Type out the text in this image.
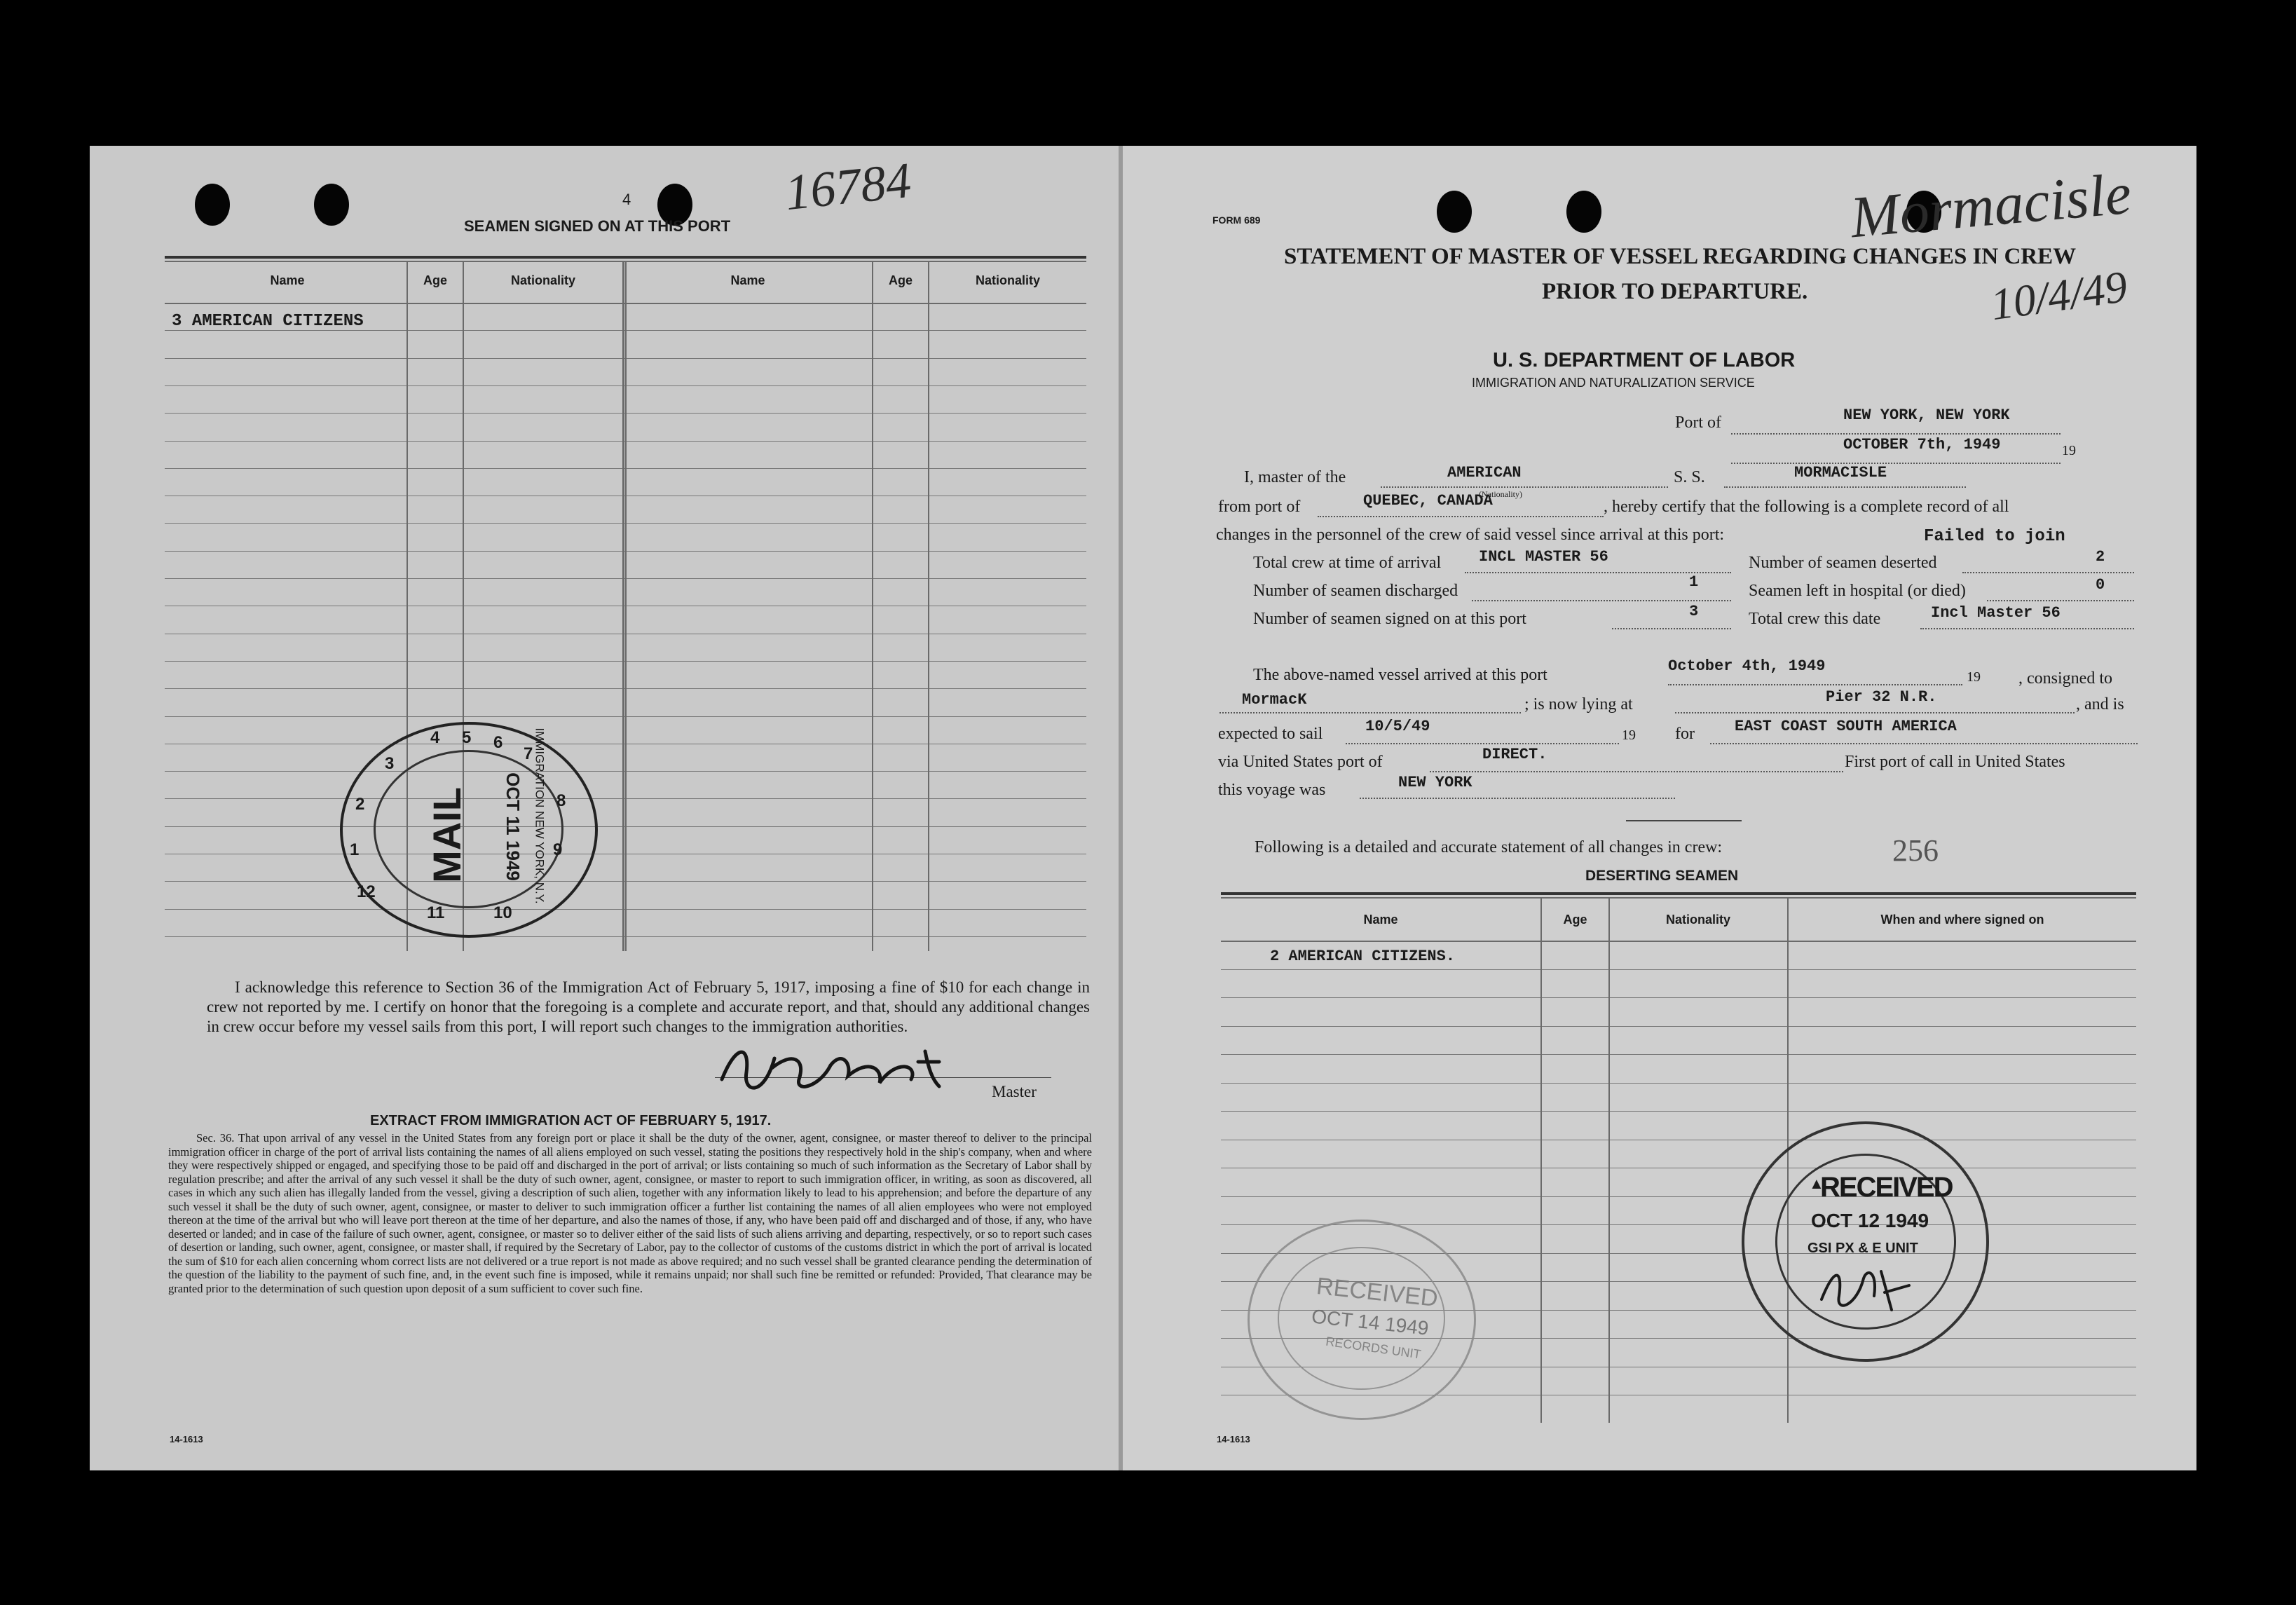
4	16784
SEAMEN SIGNED ON AT THIS PORT
Name	Age	Nationality	Name	Age	Nationality
3 AMERICAN CITIZENS
MAIL OCT 11 1949 IMMIGRATION NEW YORK, N.Y.
4 5 6
7
8
9
10
11
12
1
2
3
I acknowledge this reference to Section 36 of the Immigration Act of February 5, 1917, imposing a fine of $10 for each change in crew not reported by me. I certify on honor that the foregoing is a complete and accurate report, and that, should any additional changes in crew occur before my vessel sails from this port, I will report such changes to the immigration authorities.
Master
EXTRACT FROM IMMIGRATION ACT OF FEBRUARY 5, 1917.
Sec. 36. That upon arrival of any vessel in the United States from any foreign port or place it shall be the duty of the owner, agent, consignee, or master thereof to deliver to the principal immigration officer in charge of the port of arrival lists containing the names of all aliens employed on such vessel, stating the positions they respectively hold in the ship's company, when and where they were respectively shipped or engaged, and specifying those to be paid off and discharged in the port of arrival; or lists containing so much of such information as the Secretary of Labor shall by regulation prescribe; and after the arrival of any such vessel it shall be the duty of such owner, agent, consignee, or master to report to such immigration officer, in writing, as soon as discovered, all cases in which any such alien has illegally landed from the vessel, giving a description of such alien, together with any information likely to lead to his apprehension; and before the departure of any such vessel it shall be the duty of such owner, agent, consignee, or master to deliver to such immigration officer a further list containing the names of all alien employees who were not employed thereon at the time of the arrival but who will leave port thereon at the time of her departure, and also the names of those, if any, who have been paid off and discharged and of those, if any, who have deserted or landed; and in case of the failure of such owner, agent, consignee, or master so to deliver either of the said lists of such aliens arriving and departing, respectively, or so to report such cases of desertion or landing, such owner, agent, consignee, or master shall, if required by the Secretary of Labor, pay to the collector of customs of the customs district in which the port of arrival is located the sum of $10 for each alien concerning whom correct lists are not delivered or a true report is not made as above required; and no such vessel shall be granted clearance pending the determination of the question of the liability to the payment of such fine, and, in the event such fine is imposed, while it remains unpaid; nor shall such fine be remitted or refunded: Provided, That clearance may be granted prior to the determination of such question upon deposit of a sum sufficient to cover such fine.
14-1613
FORM 689	Mormacisle
10/4/49
STATEMENT OF MASTER OF VESSEL REGARDING CHANGES IN CREW
PRIOR TO DEPARTURE.
U. S. DEPARTMENT OF LABOR
IMMIGRATION AND NATURALIZATION SERVICE
Port of	NEW YORK, NEW YORK
OCTOBER 7th, 1949	19
I, master of the	AMERICAN
(Nationality)
S. S.	MORMACISLE
from port of	QUEBEC, CANADA	, hereby certify that the following is a complete record of all
changes in the personnel of the crew of said vessel since arrival at this port:	Failed to join
Total crew at time of arrival INCL MASTER 56	Number of seamen deserted	2
Number of seamen discharged	1	Seamen left in hospital (or died)	0
Number of seamen signed on at this port	3	Total crew this date	Incl Master 56
The above-named vessel arrived at this port	October 4th, 1949
19 , consigned to
MormacK	; is now lying at	Pier 32 N.R.	, and is
expected to sail	10/5/49	19 for	EAST COAST SOUTH AMERICA
via United States port of	DIRECT.	First port of call in United States
this voyage was	NEW YORK
Following is a detailed and accurate statement of all changes in crew:	256
DESERTING SEAMEN
Name	Age	Nationality	When and where signed on
2 AMERICAN CITIZENS.
RECEIVED
OCT 14 1949
RECORDS UNIT
▲
RECEIVED
OCT 12 1949
GSI PX & E UNIT
14-1613
